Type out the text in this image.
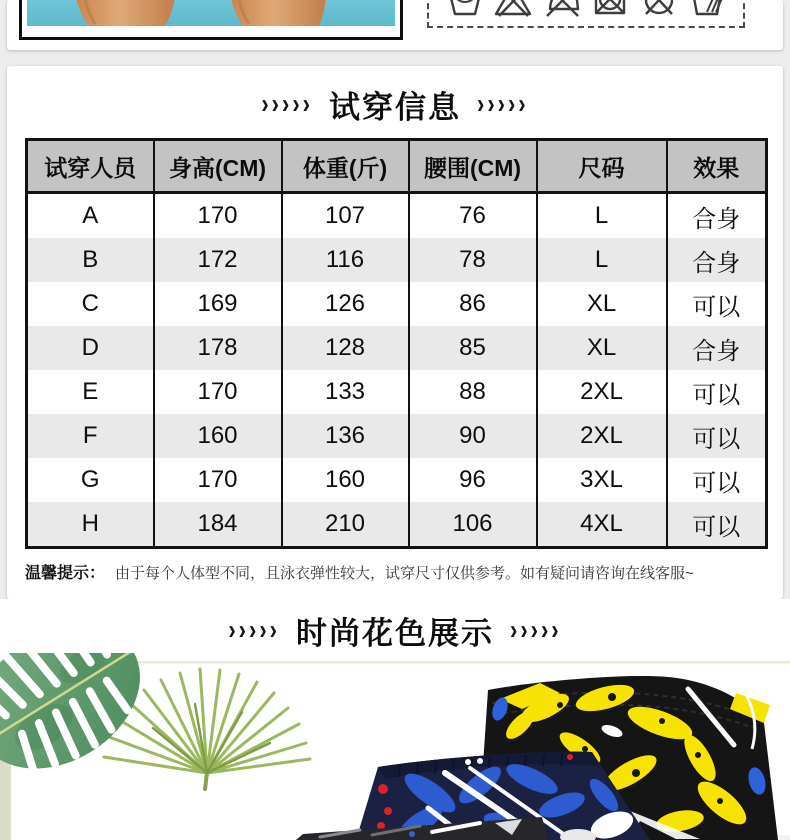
››››› 试穿信息 ›››››
试穿人员	身高(CM)	体重(斤)	腰围(CM)	尺码	效果
A	170	107	76	L	合身
B	172	116	78	L	合身
C	169	126	86	XL	可以
D	178	128	85	XL	合身
E	170	133	88	2XL	可以
F	160	136	90	2XL	可以
G	170	160	96	3XL	可以
H	184	210	106	4XL	可以
温馨提示： 由于每个人体型不同，且泳衣弹性较大，试穿尺寸仅供参考。如有疑问请咨询在线客服~
››››› 时尚花色展示 ›››››
